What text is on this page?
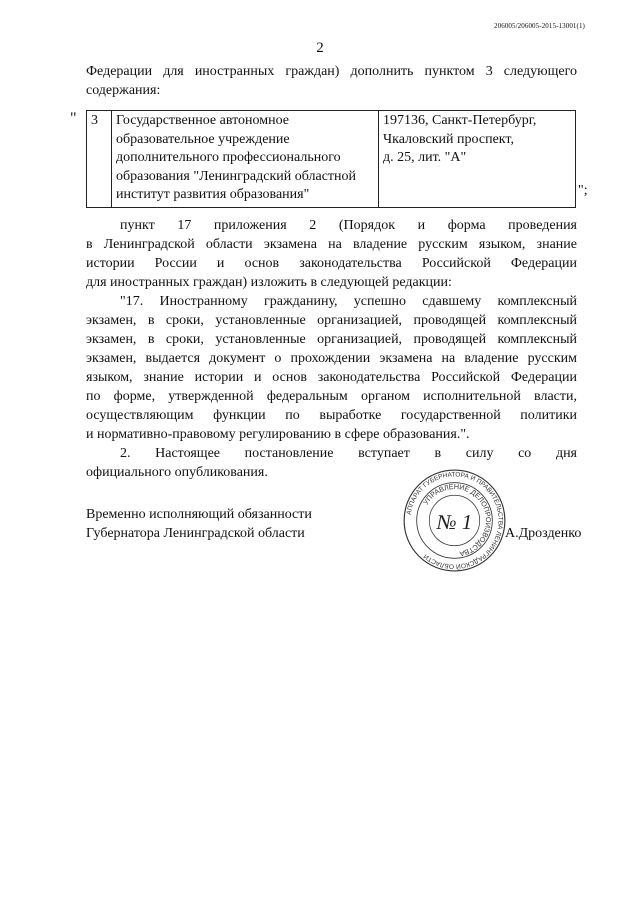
206005/206005-2015-13001(1)
2
Федерации для иностранных граждан) дополнить пунктом 3 следующего
содержания:
" 3	Государственное автономное
образовательное учреждение
дополнительного профессионального
образования "Ленинградский областной
институт развития образования"

197136, Санкт-Петербург,
Чкаловский проспект,
д. 25, лит. "А"
";
пункт 17 приложения 2 (Порядок и форма проведения
в Ленинградской области экзамена на владение русским языком, знание
истории России и основ законодательства Российской Федерации
для иностранных граждан) изложить в следующей редакции:
"17. Иностранному гражданину, успешно сдавшему комплексный
экзамен, в сроки, установленные организацией, проводящей комплексный
экзамен, в сроки, установленные организацией, проводящей комплексный
экзамен, выдается документ о прохождении экзамена на владение русским
языком, знание истории и основ законодательства Российской Федерации
по форме, утвержденной федеральным органом исполнительной власти,
осуществляющим функции по выработке государственной политики
и нормативно-правовому регулированию в сфере образования.".
2. Настоящее постановление вступает в силу со дня
официального опубликования.
Временно исполняющий обязанности
Губернатора Ленинградской области	А.Дрозденко
АППАРАТ ГУБЕРНАТОРА И ПРАВИТЕЛЬСТВА ЛЕНИНГРАДСКОЙ ОБЛАСТИ
УПРАВЛЕНИЕ ДЕЛОПРОИЗВОДСТВА
№ 1
